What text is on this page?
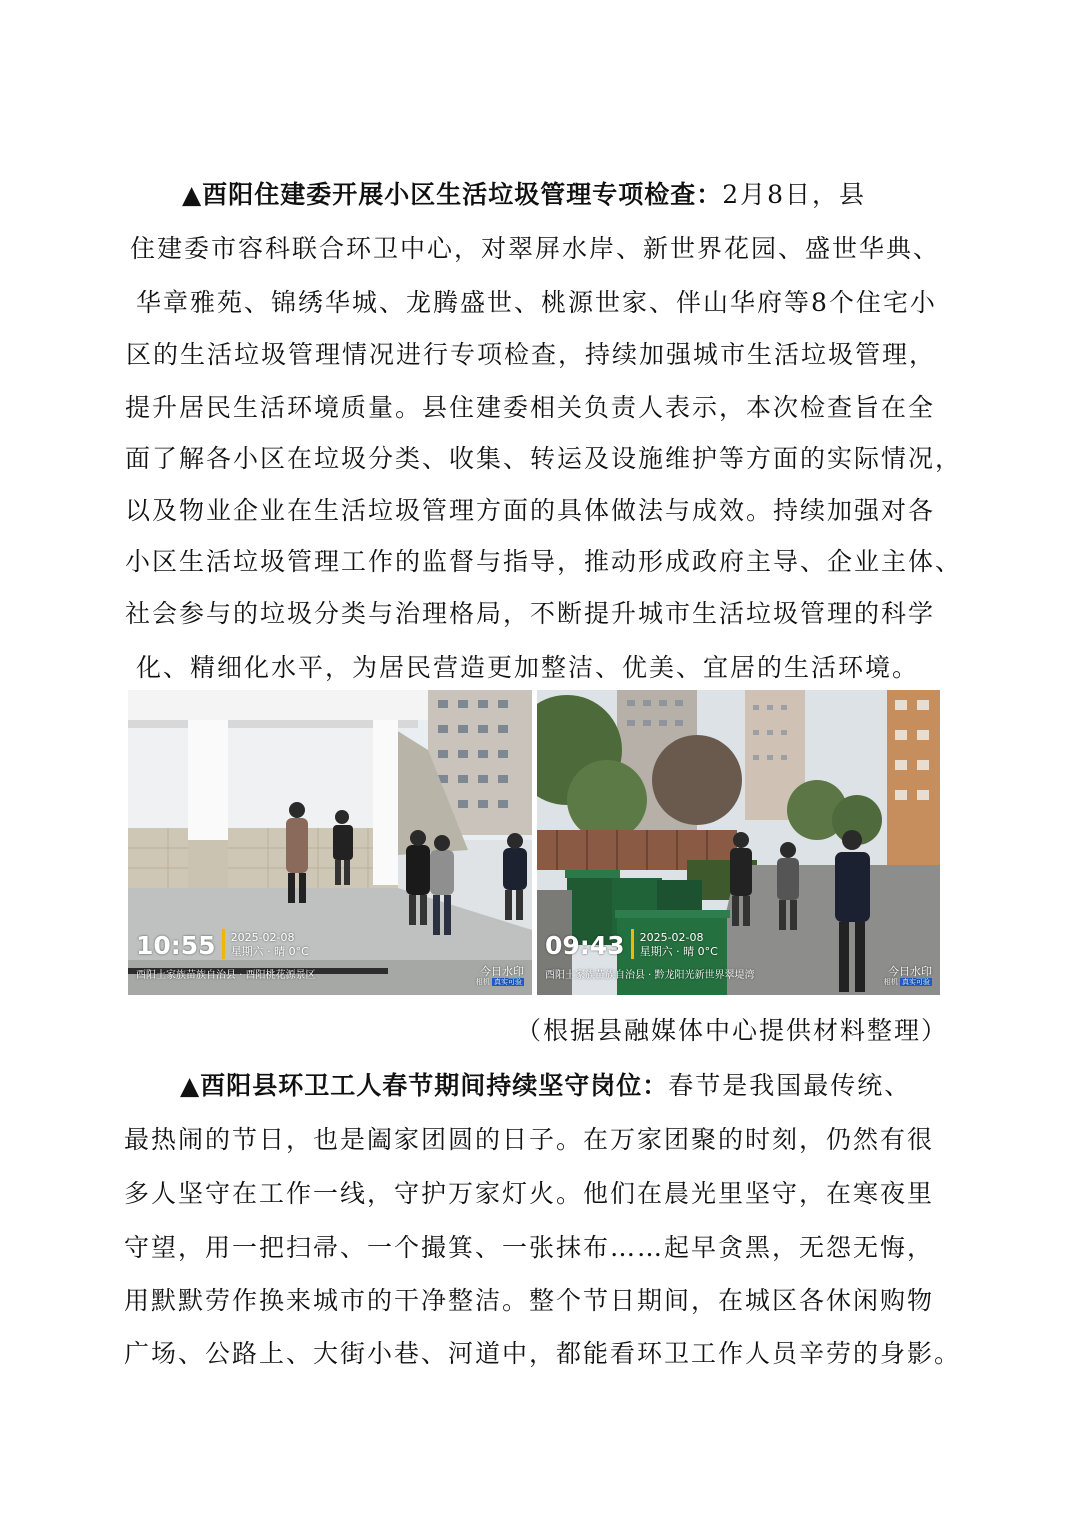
▲酉阳住建委开展小区生活垃圾管理专项检查：2月8日，县
住建委市容科联合环卫中心，对翠屏水岸、新世界花园、盛世华典、
华章雅苑、锦绣华城、龙腾盛世、桃源世家、伴山华府等8个住宅小
区的生活垃圾管理情况进行专项检查，持续加强城市生活垃圾管理，
提升居民生活环境质量。县住建委相关负责人表示，本次检查旨在全
面了解各小区在垃圾分类、收集、转运及设施维护等方面的实际情况，
以及物业企业在生活垃圾管理方面的具体做法与成效。持续加强对各
小区生活垃圾管理工作的监督与指导，推动形成政府主导、企业主体、
社会参与的垃圾分类与治理格局，不断提升城市生活垃圾管理的科学
化、精细化水平，为居民营造更加整洁、优美、宜居的生活环境。
10:55 2025-02-08
星期六 · 晴 0°C
酉阳土家族苗族自治县 · 酉阳桃花源景区	今日水印
相机 真实可验
09:43 2025-02-08
星期六 · 晴 0°C
酉阳土家族苗族自治县 · 黔龙阳光新世界翠堤湾	今日水印
相机 真实可验
（根据县融媒体中心提供材料整理）
▲酉阳县环卫工人春节期间持续坚守岗位：春节是我国最传统、
最热闹的节日，也是阖家团圆的日子。在万家团聚的时刻，仍然有很
多人坚守在工作一线，守护万家灯火。他们在晨光里坚守，在寒夜里
守望，用一把扫帚、一个撮箕、一张抹布……起早贪黑，无怨无悔，
用默默劳作换来城市的干净整洁。整个节日期间，在城区各休闲购物
广场、公路上、大街小巷、河道中，都能看环卫工作人员辛劳的身影。
